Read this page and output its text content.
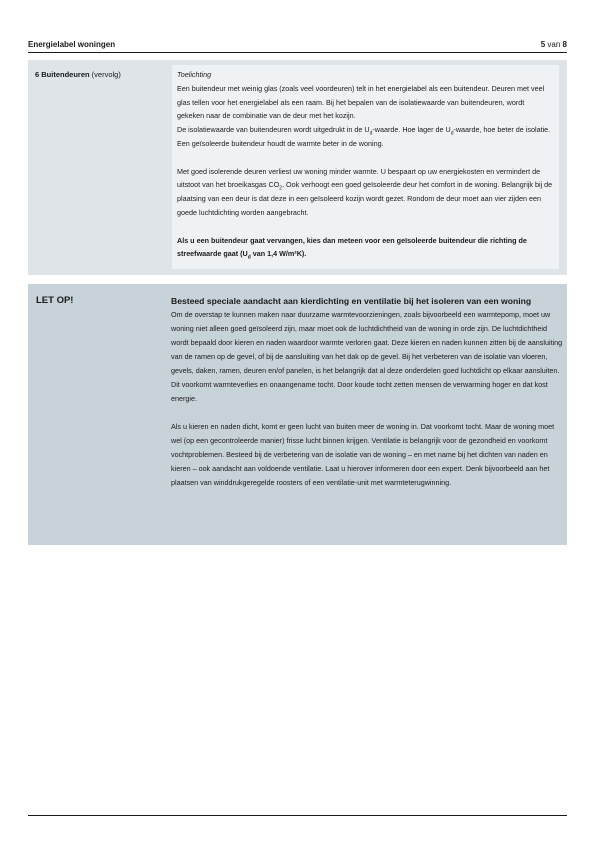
Energielabel woningen	5 van 8
6 Buitendeuren (vervolg)	Toelichting

Een buitendeur met weinig glas (zoals veel voordeuren) telt in het energielabel als een buitendeur. Deuren met veel glas tellen voor het energielabel als een raam. Bij het bepalen van de isolatiewaarde van buitendeuren, wordt gekeken naar de combinatie van de deur met het kozijn.

De isolatiewaarde van buitendeuren wordt uitgedrukt in de $U_d$-waarde. Hoe lager de $U_d$-waarde, hoe beter de isolatie. Een geïsoleerde buitendeur houdt de warmte beter in de woning.

Met goed isolerende deuren verliest uw woning minder warmte. U bespaart op uw energiekosten en vermindert de uitstoot van het broeikasgas $CO_2$. Ook verhoogt een goed geïsoleerde deur het comfort in de woning. Belangrijk bij de plaatsing van een deur is dat deze in een geïsoleerd kozijn wordt gezet. Rondom de deur moet aan vier zijden een goede luchtdichting worden aangebracht.

Als u een buitendeur gaat vervangen, kies dan meteen voor een geïsoleerde buitendeur die richting de streefwaarde gaat ($U_d$ van 1,4 W/m²K).

LET OP!	Besteed speciale aandacht aan kierdichting en ventilatie bij het isoleren van een woning

Om de overstap te kunnen maken naar duurzame warmtevoorzieningen, zoals bijvoorbeeld een warmtepomp, moet uw woning niet alleen goed geïsoleerd zijn, maar moet ook de luchtdichtheid van de woning in orde zijn. De luchtdichtheid wordt bepaald door kieren en naden waardoor warmte verloren gaat. Deze kieren en naden kunnen zitten bij de aansluiting van de ramen op de gevel, of bij de aansluiting van het dak op de gevel. Bij het verbeteren van de isolatie van vloeren, gevels, daken, ramen, deuren en/of panelen, is het belangrijk dat al deze onderdelen goed luchtdicht op elkaar aansluiten. Dit voorkomt warmteverlies en onaangename tocht. Door koude tocht zetten mensen de verwarming hoger en dat kost energie.

Als u kieren en naden dicht, komt er geen lucht van buiten meer de woning in. Dat voorkomt tocht. Maar de woning moet wel (op een gecontroleerde manier) frisse lucht binnen krijgen. Ventilatie is belangrijk voor de gezondheid en voorkomt vochtproblemen. Besteed bij de verbetering van de isolatie van de woning – en met name bij het dichten van naden en kieren – ook aandacht aan voldoende ventilatie. Laat u hierover informeren door een expert. Denk bijvoorbeeld aan het plaatsen van winddrukgeregelde roosters of een ventilatie-unit met warmteterugwinning.
